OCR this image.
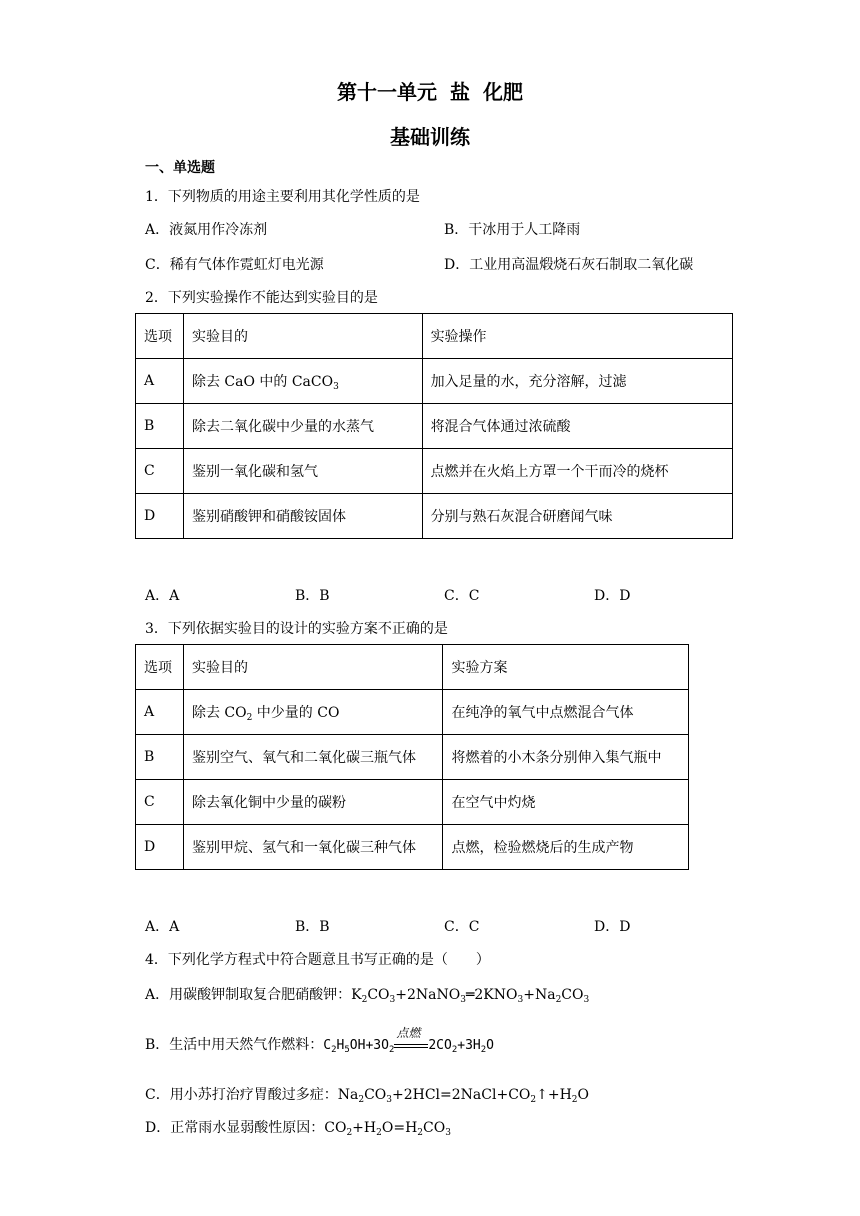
第十一单元 盐 化肥
基础训练
一、单选题
1．下列物质的用途主要利用其化学性质的是
A．液氮用作冷冻剂	B．干冰用于人工降雨
C．稀有气体作霓虹灯电光源	D．工业用高温煅烧石灰石制取二氧化碳
2．下列实验操作不能达到实验目的是
选项	实验目的	实验操作
A	除去 CaO 中的 CaCO$_3$	加入足量的水，充分溶解，过滤
B	除去二氧化碳中少量的水蒸气	将混合气体通过浓硫酸
C	鉴别一氧化碳和氢气	点燃并在火焰上方罩一个干而冷的烧杯
D	鉴别硝酸钾和硝酸铵固体	分别与熟石灰混合研磨闻气味
A．A	B．B	C．C	D．D
3．下列依据实验目的设计的实验方案不正确的是
选项	实验目的	实验方案
A	除去 $CO_2$ 中少量的 CO	在纯净的氧气中点燃混合气体
B	鉴别空气、氧气和二氧化碳三瓶气体	将燃着的小木条分别伸入集气瓶中
C	除去氧化铜中少量的碳粉	在空气中灼烧
D	鉴别甲烷、氢气和一氧化碳三种气体	点燃，检验燃烧后的生成产物
A．A	B．B	C．C	D．D
4．下列化学方程式中符合题意且书写正确的是（　　）
A．用碳酸钾制取复合肥硝酸钾：$K_2CO_3+2NaNO_3═2KNO_3+Na_2CO_3$
B．生活中用天然气作燃料：$C_2H_5OH+3O_2$
点燃
$2CO_2+3H_2O$
C．用小苏打治疗胃酸过多症：$Na_2CO_3+2HCl=2NaCl+CO_2↑+H_2O$
D．正常雨水显弱酸性原因：$CO_2+H_2O=H_2CO_3$
